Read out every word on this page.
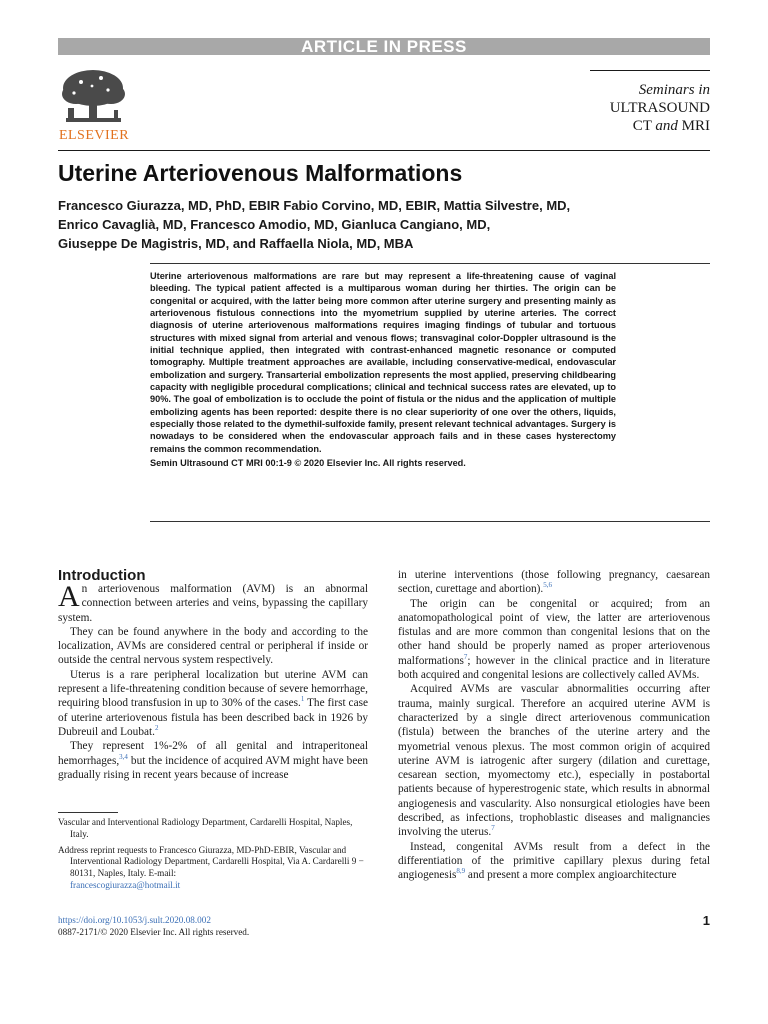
ARTICLE IN PRESS
ELSEVIER
Seminars in
ULTRASOUND
CT and MRI
Uterine Arteriovenous Malformations
Francesco Giurazza, MD, PhD, EBIR Fabio Corvino, MD, EBIR, Mattia Silvestre, MD,
Enrico Cavaglià, MD, Francesco Amodio, MD, Gianluca Cangiano, MD,
Giuseppe De Magistris, MD, and Raffaella Niola, MD, MBA
Uterine arteriovenous malformations are rare but may represent a life-threatening cause of vaginal bleeding. The typical patient affected is a multiparous woman during her thirties. The origin can be congenital or acquired, with the latter being more common after uterine surgery and presenting mainly as arteriovenous fistulous connections into the myometrium supplied by uterine arteries. The correct diagnosis of uterine arteriovenous malformations requires imaging findings of tubular and tortuous structures with mixed signal from arterial and venous flows; transvaginal color-Doppler ultrasound is the initial technique applied, then integrated with contrast-enhanced magnetic resonance or computed tomography. Multiple treatment approaches are available, including conservative-medical, endovascular embolization and surgery. Transarterial embolization represents the most applied, preserving childbearing capacity with negligible procedural complications; clinical and technical success rates are elevated, up to 90%. The goal of embolization is to occlude the point of fistula or the nidus and the application of multiple embolizing agents has been reported: despite there is no clear superiority of one over the others, liquids, especially those related to the dymethil-sulfoxide family, present relevant technical advantages. Surgery is nowadays to be considered when the endovascular approach fails and in these cases hysterectomy remains the common recommendation.
Semin Ultrasound CT MRI 00:1-9 © 2020 Elsevier Inc. All rights reserved.
Introduction

An arteriovenous malformation (AVM) is an abnormal connection between arteries and veins, bypassing the capillary system.

They can be found anywhere in the body and according to the localization, AVMs are considered central or peripheral if inside or outside the central nervous system respectively.

Uterus is a rare peripheral localization but uterine AVM can represent a life-threatening condition because of severe hemorrhage, requiring blood transfusion in up to 30% of the cases.$^1$ The first case of uterine arteriovenous fistula has been described back in 1926 by Dubreuil and Loubat.$^2$

They represent 1%-2% of all genital and intraperitoneal hemorrhages,$^{3,4}$ but the incidence of acquired AVM might have been gradually rising in recent years because of increase

in uterine interventions (those following pregnancy, caesarean section, curettage and abortion).$^{5,6}$

The origin can be congenital or acquired; from an anatomopathological point of view, the latter are arteriovenous fistulas and are more common than congenital lesions that on the other hand should be properly named as proper arteriovenous malformations$^7$; however in the clinical practice and in literature both acquired and congenital lesions are collectively called AVMs.

Acquired AVMs are vascular abnormalities occurring after trauma, mainly surgical. Therefore an acquired uterine AVM is characterized by a single direct arteriovenous communication (fistula) between the branches of the uterine artery and the myometrial venous plexus. The most common origin of acquired uterine AVM is iatrogenic after surgery (dilation and curettage, cesarean section, myomectomy etc.), especially in postabortal patients because of hyperestrogenic state, which results in abnormal angiogenesis and vascularity. Also nonsurgical etiologies have been described, as infections, trophoblastic diseases and malignancies involving the uterus.$^7$

Instead, congenital AVMs result from a defect in the differentiation of the primitive capillary plexus during fetal angiogenesis$^{8,9}$ and present a more complex angioarchitecture

Vascular and Interventional Radiology Department, Cardarelli Hospital, Naples, Italy.

Address reprint requests to Francesco Giurazza, MD-PhD-EBIR, Vascular and Interventional Radiology Department, Cardarelli Hospital, Via A. Cardarelli 9 − 80131, Naples, Italy. E-mail:
francescogiurazza@hotmail.it

https://doi.org/10.1053/j.sult.2020.08.002
0887-2171/© 2020 Elsevier Inc. All rights reserved.
1
